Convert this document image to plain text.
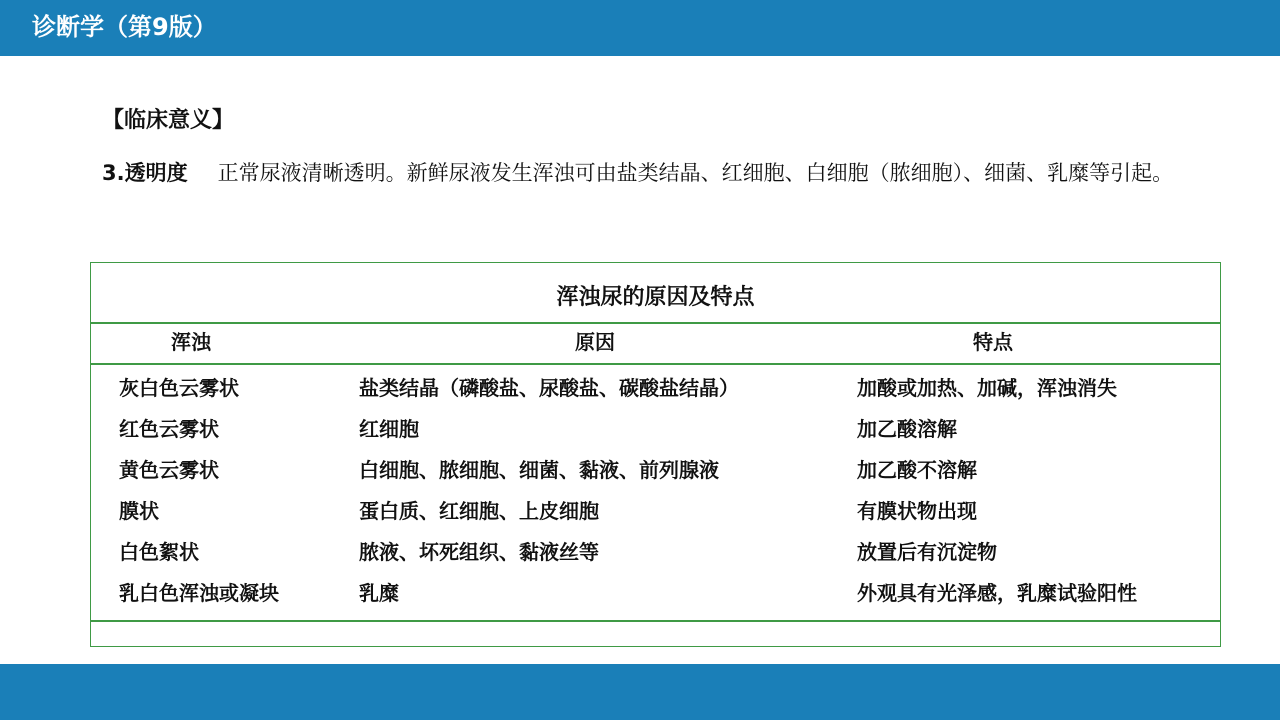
诊断学（第9版）
【临床意义】
3.透明度 正常尿液清晰透明。新鲜尿液发生浑浊可由盐类结晶、红细胞、白细胞（脓细胞）、细菌、乳糜等引起。
浑浊尿的原因及特点
浑浊	原因	特点
灰白色云雾状	盐类结晶（磷酸盐、尿酸盐、碳酸盐结晶）	加酸或加热、加碱，浑浊消失
红色云雾状	红细胞	加乙酸溶解
黄色云雾状	白细胞、脓细胞、细菌、黏液、前列腺液	加乙酸不溶解
膜状	蛋白质、红细胞、上皮细胞	有膜状物出现
白色絮状	脓液、坏死组织、黏液丝等	放置后有沉淀物
乳白色浑浊或凝块	乳糜	外观具有光泽感，乳糜试验阳性
